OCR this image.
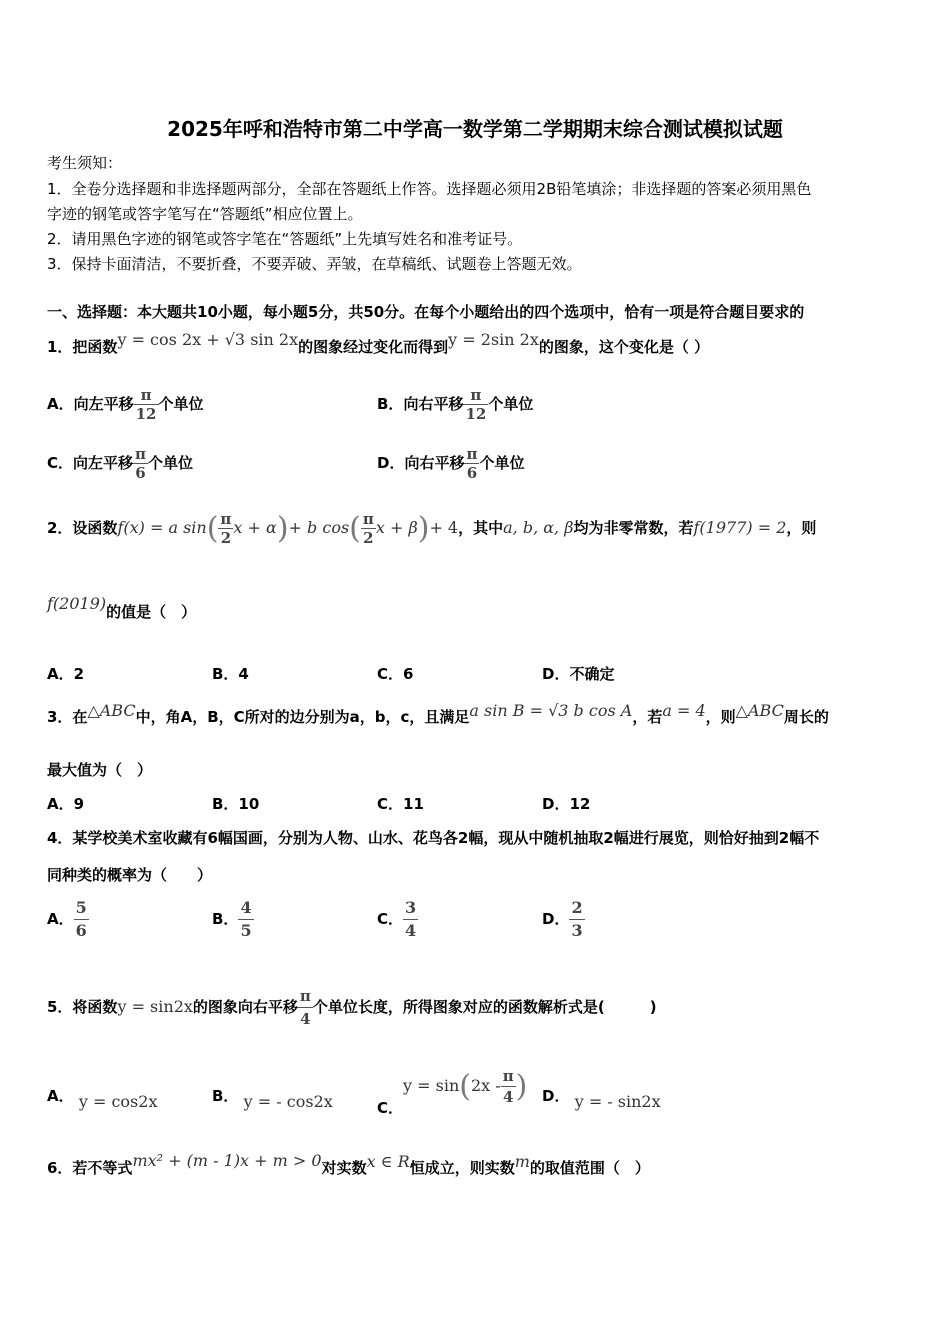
2025年呼和浩特市第二中学高一数学第二学期期末综合测试模拟试题
考生须知：
1．全卷分选择题和非选择题两部分，全部在答题纸上作答。选择题必须用2B铅笔填涂；非选择题的答案必须用黑色
字迹的钢笔或答字笔写在“答题纸”相应位置上。
2．请用黑色字迹的钢笔或答字笔在“答题纸”上先填写姓名和准考证号。
3．保持卡面清洁，不要折叠，不要弄破、弄皱，在草稿纸、试题卷上答题无效。
一、选择题：本大题共10小题，每小题5分，共50分。在每个小题给出的四个选项中，恰有一项是符合题目要求的
1．把函数y = cos 2x + √3 sin 2x的图象经过变化而得到y = 2sin 2x的图象，这个变化是（ ）
A．向左平移 $\frac{\pi}{12}$ 个单位	B．向右平移 $\frac{\pi}{12}$ 个单位
C．向左平移 $\frac{\pi}{6}$ 个单位	D．向右平移 $\frac{\pi}{6}$ 个单位
2．设函数f(x) = a $\sin( \frac{\pi}{2}$ x + α)+ b $\cos( \frac{\pi}{2}$ x + β)+ 4，其中a, b, α, β均为非零常数，若f(1977) = 2，则
f(2019)的值是（　）
A．2	B．4	C．6	D．不确定
3．在△ABC中，角A，B，C所对的边分别为a，b，c，且满足a sin B = √3 b cos A，若a = 4，则△ABC周长的
最大值为（　）
A．9	B．10	C．11	D．12
4．某学校美术室收藏有6幅国画，分别为人物、山水、花鸟各2幅，现从中随机抽取2幅进行展览，则恰好抽到2幅不
同种类的概率为（　　）
A． $\frac{5}{6}$	B． $\frac{4}{5}$	C． $\frac{3}{4}$	D． $\frac{2}{3}$
5．将函数y = sin2x的图象向右平移 $\frac{\pi}{4}$ 个单位长度，所得图象对应的函数解析式是(　　　)
A． y = cos2x	B． y = - cos2x	C．$y = \sin(2x - \frac{\pi}{4}$ ) D． y = - sin2x
6．若不等式mx² + (m - 1)x + m > 0对实数x ∈ R恒成立，则实数m的取值范围（　）
